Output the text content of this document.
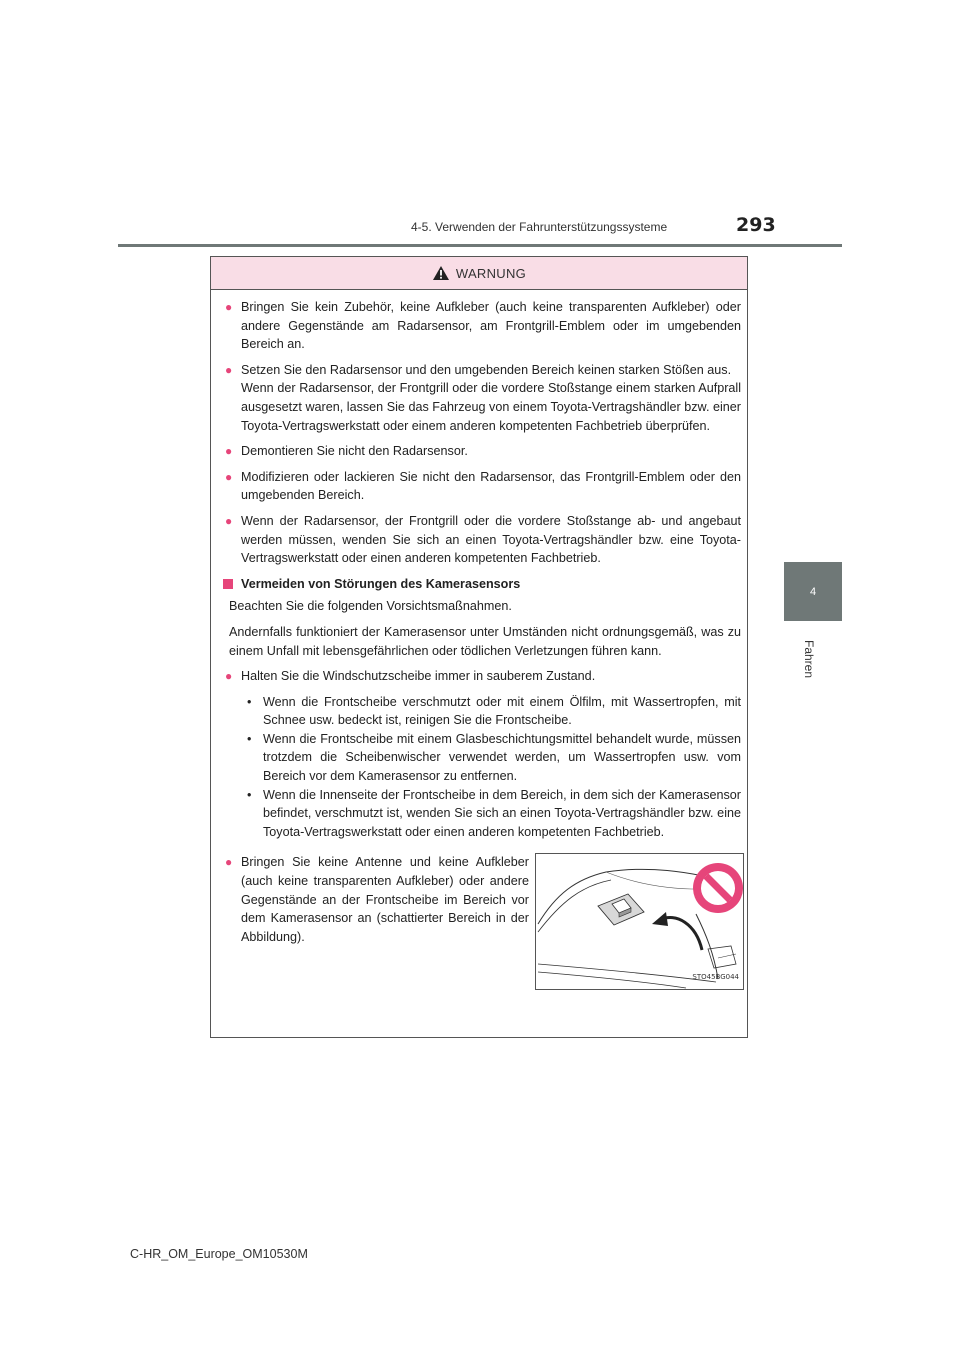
4-5. Verwenden der Fahrunterstützungssysteme	293
4
Fahren
WARNUNG
● Bringen Sie kein Zubehör, keine Aufkleber (auch keine transparenten Aufkleber) oder andere Gegenstände am Radarsensor, am Frontgrill-Emblem oder im umgebenden Bereich an.
● Setzen Sie den Radarsensor und den umgebenden Bereich keinen starken Stößen aus.
Wenn der Radarsensor, der Frontgrill oder die vordere Stoßstange einem starken Aufprall ausgesetzt waren, lassen Sie das Fahrzeug von einem Toyota-Vertragshändler bzw. einer Toyota-Vertragswerkstatt oder einem anderen kompetenten Fachbetrieb überprüfen.
● Demontieren Sie nicht den Radarsensor.
● Modifizieren oder lackieren Sie nicht den Radarsensor, das Frontgrill-Emblem oder den umgebenden Bereich.
● Wenn der Radarsensor, der Frontgrill oder die vordere Stoßstange ab- und angebaut werden müssen, wenden Sie sich an einen Toyota-Vertragshändler bzw. eine Toyota-Vertragswerkstatt oder einen anderen kompetenten Fachbetrieb.
Vermeiden von Störungen des Kamerasensors
Beachten Sie die folgenden Vorsichtsmaßnahmen.
Andernfalls funktioniert der Kamerasensor unter Umständen nicht ordnungsgemäß, was zu einem Unfall mit lebensgefährlichen oder tödlichen Verletzungen führen kann.
● Halten Sie die Windschutzscheibe immer in sauberem Zustand.
• Wenn die Frontscheibe verschmutzt oder mit einem Ölfilm, mit Wassertropfen, mit Schnee usw. bedeckt ist, reinigen Sie die Frontscheibe.
• Wenn die Frontscheibe mit einem Glasbeschichtungsmittel behandelt wurde, müssen trotzdem die Scheibenwischer verwendet werden, um Wassertropfen usw. vom Bereich vor dem Kamerasensor zu entfernen.
• Wenn die Innenseite der Frontscheibe in dem Bereich, in dem sich der Kamerasensor befindet, verschmutzt ist, wenden Sie sich an einen Toyota-Vertragshändler bzw. eine Toyota-Vertragswerkstatt oder einen anderen kompetenten Fachbetrieb.
● Bringen Sie keine Antenne und keine Aufkleber (auch keine transparenten Aufkleber) oder andere Gegenstände an der Frontscheibe im Bereich vor dem Kamerasensor an (schattierter Bereich in der Abbildung).
STO45BG044
C-HR_OM_Europe_OM10530M
